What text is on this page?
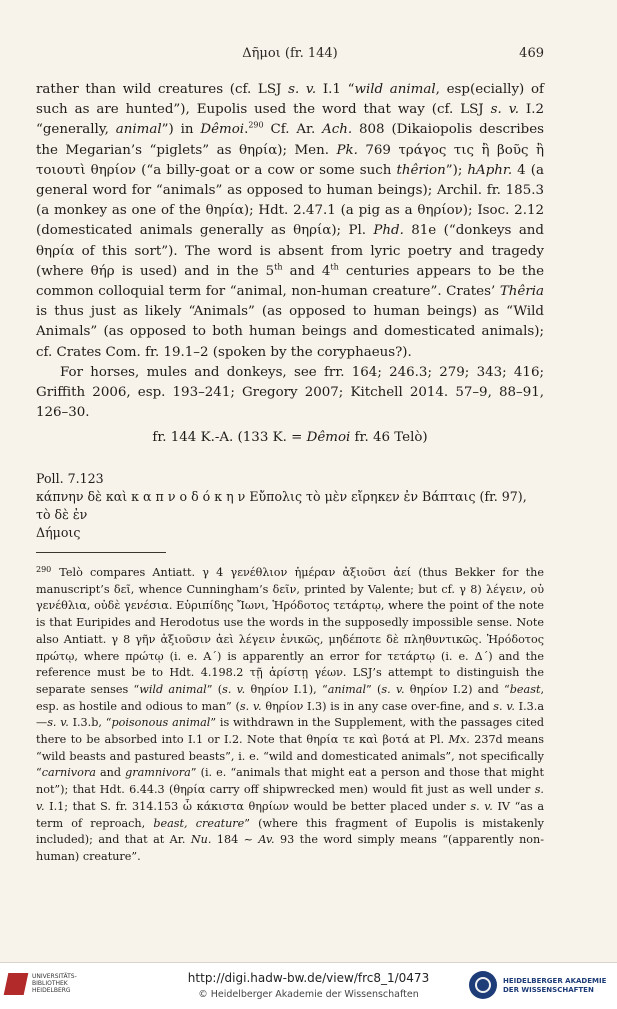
Δῆμοι (fr. 144)	469

rather than wild creatures (cf. LSJ s. v. I.1 “wild animal, esp(ecially) of such as are hunted”), Eupolis used the word that way (cf. LSJ s. v. I.2 “generally, animal”) in Dêmoi.$^{290}$ Cf. Ar. Ach. 808 (Dikaiopolis describes the Megarian’s “piglets” as θηρία); Men. Pk. 769 τράγος τις ἢ βοῦς ἢ τοιουτὶ θηρίον (“a billy-goat or a cow or some such thêrion”); hAphr. 4 (a general word for “animals” as opposed to human beings); Archil. fr. 185.3 (a monkey as one of the θηρία); Hdt. 2.47.1 (a pig as a θηρίον); Isoc. 2.12 (domesticated animals generally as θηρία); Pl. Phd. 81e (“donkeys and θηρία of this sort”). The word is absent from lyric poetry and tragedy (where θήρ is used) and in the 5th and 4th centuries appears to be the common colloquial term for “animal, non-human creature”. Crates’ Thêria is thus just as likely “Animals” (as opposed to human beings) as “Wild Animals” (as opposed to both human beings and domesticated animals); cf. Crates Com. fr. 19.1–2 (spoken by the coryphaeus?).

For horses, mules and donkeys, see frr. 164; 246.3; 279; 343; 416; Griffith 2006, esp. 193–241; Gregory 2007; Kitchell 2014. 57–9, 88–91, 126–30.

fr. 144 K.-A. (133 K. = Dêmoi fr. 46 Telò)
Poll. 7.123
κάπνην δὲ καὶ κ α π ν ο δ ό κ η ν Εὔπολις τὸ μὲν εἴρηκεν ἐν Βάπταις (fr. 97), τὸ δὲ ἐν
Δήμοις
$^{290}$ Telò compares Antiatt. γ 4 γενέθλιον ἡμέραν ἀξιοῦσι ἀεί (thus Bekker for the manuscript’s δεῖ, whence Cunningham’s δεῖν, printed by Valente; but cf. γ 8) λέγειν, οὐ γενέθλια, οὐδὲ γενέσια. Εὐριπίδης Ἴωνι, Ἡρόδοτος τετάρτῳ, where the point of the note is that Euripides and Herodotus use the words in the supposedly impossible sense. Note also Antiatt. γ 8 γῆν ἀξιοῦσιν ἀεὶ λέγειν ἑνικῶς, μηδέποτε δὲ πληθυντικῶς. Ἡρόδοτος πρώτῳ, where πρώτῳ (i. e. Α΄) is apparently an error for τετάρτῳ (i. e. Δ΄) and the reference must be to Hdt. 4.198.2 τῇ ἀρίστῃ γέων. LSJ’s attempt to distinguish the separate senses “wild animal” (s. v. θηρίον I.1), “animal” (s. v. θηρίον I.2) and “beast, esp. as hostile and odious to man” (s. v. θηρίον I.3) is in any case over-fine, and s. v. I.3.a—s. v. I.3.b, “poisonous animal” is withdrawn in the Supplement, with the passages cited there to be absorbed into I.1 or I.2. Note that θηρία τε καὶ βοτά at Pl. Mx. 237d means “wild beasts and pastured beasts”, i. e. “wild and domesticated animals”, not specifically “carnivora and gramnivora” (i. e. “animals that might eat a person and those that might not”); that Hdt. 6.44.3 (θηρία carry off shipwrecked men) would fit just as well under s. v. I.1; that S. fr. 314.153 ὦ κάκιστα θηρίων would be better placed under s. v. IV “as a term of reproach, beast, creature” (where this fragment of Eupolis is mistakenly included); and that at Ar. Nu. 184 ~ Av. 93 the word simply means “(apparently non-human) creature”.
UNIVERSITÄTS-
BIBLIOTHEK
HEIDELBERG
http://digi.hadw-bw.de/view/frc8_1/0473
© Heidelberger Akademie der Wissenschaften
HEIDELBERGER AKADEMIE
DER WISSENSCHAFTEN
